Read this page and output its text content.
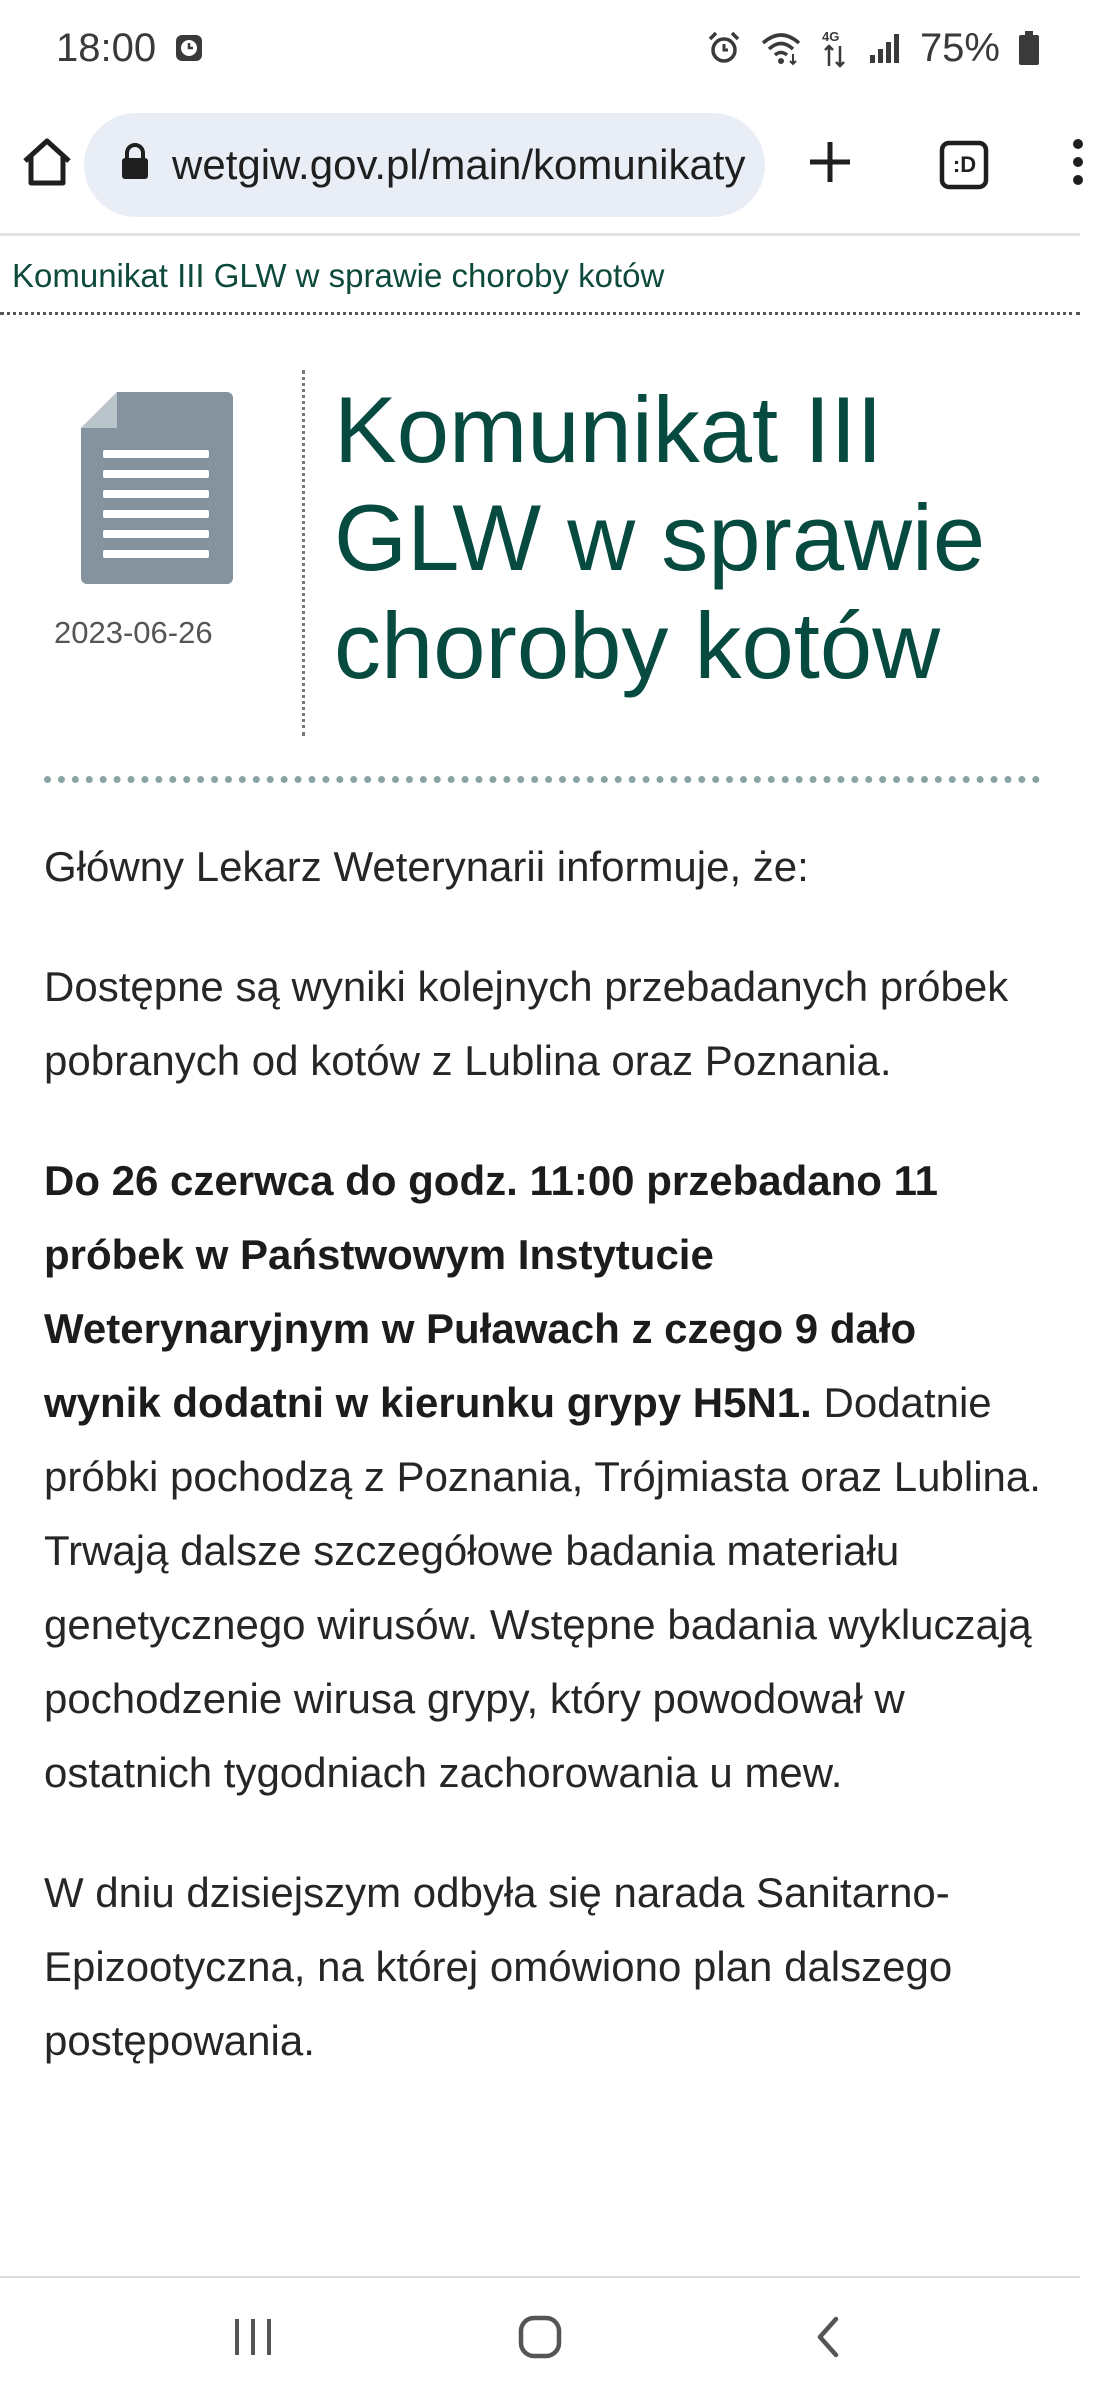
18:00	4G 75%
wetgiw.gov.pl/main/komunikaty	:D
Komunikat III GLW w sprawie choroby kotów
2023-06-26
Komunikat III GLW w sprawie choroby kotów

Główny Lekarz Weterynarii informuje, że:

Dostępne są wyniki kolejnych przebadanych próbek pobranych od kotów z Lublina oraz Poznania.

Do 26 czerwca do godz. 11:00 przebadano 11 próbek w Państwowym Instytucie Weterynaryjnym w Puławach z czego 9 dało wynik dodatni w kierunku grypy H5N1. Dodatnie próbki pochodzą z Poznania, Trójmiasta oraz Lublina. Trwają dalsze szczegółowe badania materiału genetycznego wirusów. Wstępne badania wykluczają pochodzenie wirusa grypy, który powodował w ostatnich tygodniach zachorowania u mew.

W dniu dzisiejszym odbyła się narada Sanitarno-Epizootyczna, na której omówiono plan dalszego postępowania.
